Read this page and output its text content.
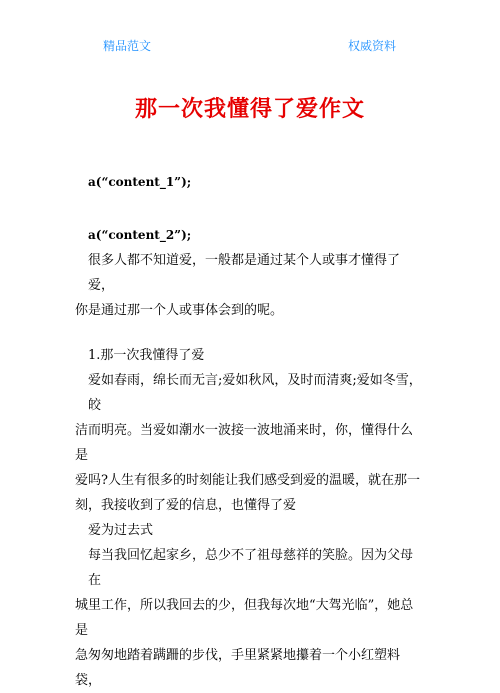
精品范文	权威资料
那一次我懂得了爱作文
a(“content_1”);
a(“content_2”);
很多人都不知道爱，一般都是通过某个人或事才懂得了爱，
你是通过那一个人或事体会到的呢。
1.那一次我懂得了爱
爱如春雨，绵长而无言;爱如秋风，及时而清爽;爱如冬雪，皎
洁而明亮。当爱如潮水一波接一波地涌来时，你，懂得什么是
爱吗?人生有很多的时刻能让我们感受到爱的温暖，就在那一
刻，我接收到了爱的信息，也懂得了爱
爱为过去式
每当我回忆起家乡，总少不了祖母慈祥的笑脸。因为父母在
城里工作，所以我回去的少，但我每次地“大驾光临”，她总是
急匆匆地踏着蹒跚的步伐，手里紧紧地攥着一个小红塑料袋，
